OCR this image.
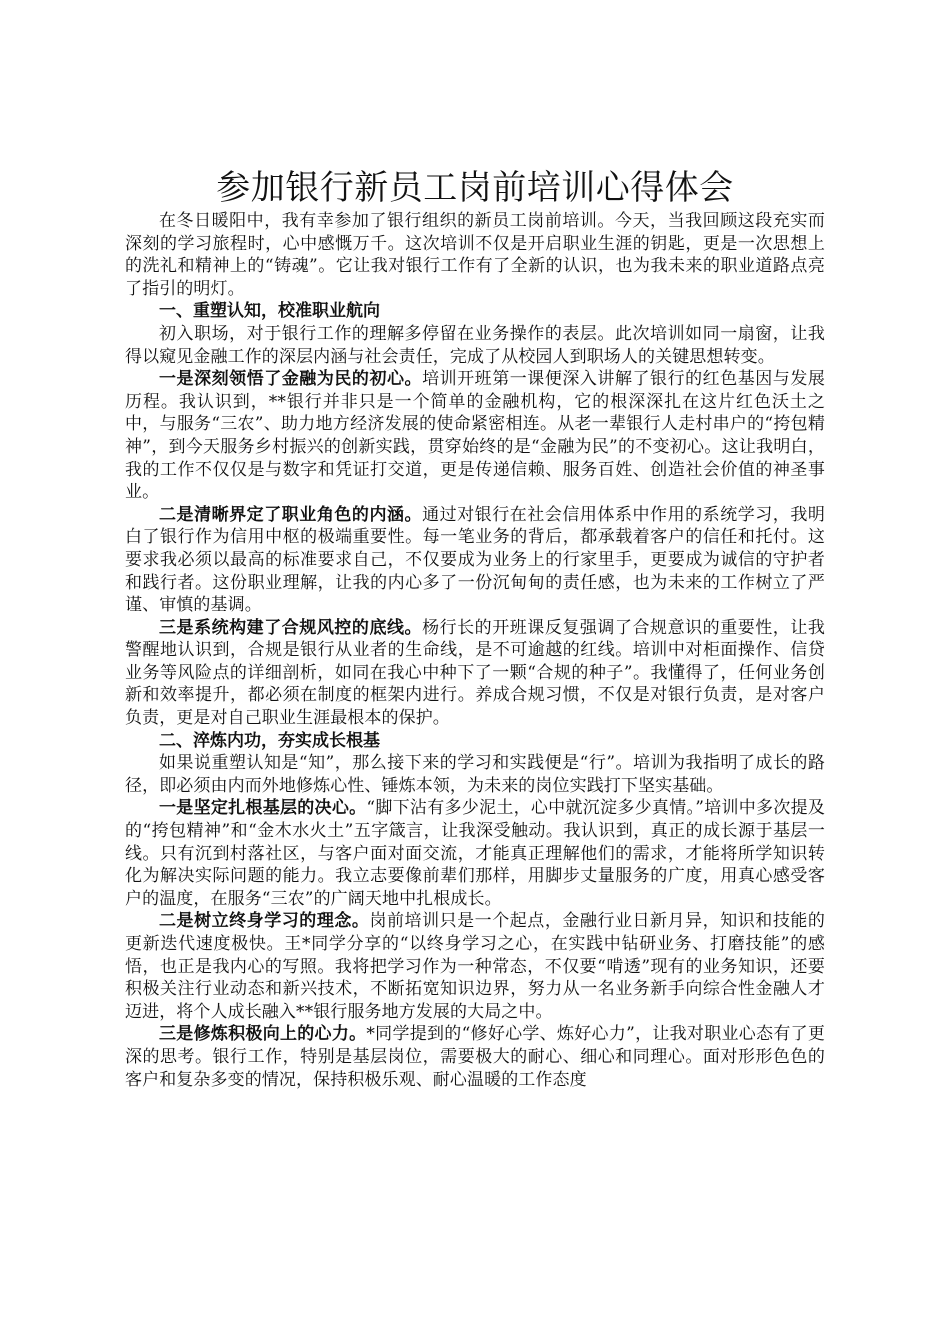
参加银行新员工岗前培训心得体会

在冬日暖阳中，我有幸参加了银行组织的新员工岗前培训。今天，当我回顾这段充实而深刻的学习旅程时，心中感慨万千。这次培训不仅是开启职业生涯的钥匙，更是一次思想上的洗礼和精神上的“铸魂”。它让我对银行工作有了全新的认识，也为我未来的职业道路点亮了指引的明灯。

一、重塑认知，校准职业航向

初入职场，对于银行工作的理解多停留在业务操作的表层。此次培训如同一扇窗，让我得以窥见金融工作的深层内涵与社会责任，完成了从校园人到职场人的关键思想转变。

一是深刻领悟了金融为民的初心。培训开班第一课便深入讲解了银行的红色基因与发展历程。我认识到，**银行并非只是一个简单的金融机构，它的根深深扎在这片红色沃土之中，与服务“三农”、助力地方经济发展的使命紧密相连。从老一辈银行人走村串户的“挎包精神”，到今天服务乡村振兴的创新实践，贯穿始终的是“金融为民”的不变初心。这让我明白，我的工作不仅仅是与数字和凭证打交道，更是传递信赖、服务百姓、创造社会价值的神圣事业。

二是清晰界定了职业角色的内涵。通过对银行在社会信用体系中作用的系统学习，我明白了银行作为信用中枢的极端重要性。每一笔业务的背后，都承载着客户的信任和托付。这要求我必须以最高的标准要求自己，不仅要成为业务上的行家里手，更要成为诚信的守护者和践行者。这份职业理解，让我的内心多了一份沉甸甸的责任感，也为未来的工作树立了严谨、审慎的基调。

三是系统构建了合规风控的底线。杨行长的开班课反复强调了合规意识的重要性，让我警醒地认识到，合规是银行从业者的生命线，是不可逾越的红线。培训中对柜面操作、信贷业务等风险点的详细剖析，如同在我心中种下了一颗“合规的种子”。我懂得了，任何业务创新和效率提升，都必须在制度的框架内进行。养成合规习惯，不仅是对银行负责，是对客户负责，更是对自己职业生涯最根本的保护。

二、淬炼内功，夯实成长根基

如果说重塑认知是“知”，那么接下来的学习和实践便是“行”。培训为我指明了成长的路径，即必须由内而外地修炼心性、锤炼本领，为未来的岗位实践打下坚实基础。

一是坚定扎根基层的决心。“脚下沾有多少泥土，心中就沉淀多少真情。”培训中多次提及的“挎包精神”和“金木水火土”五字箴言，让我深受触动。我认识到，真正的成长源于基层一线。只有沉到村落社区，与客户面对面交流，才能真正理解他们的需求，才能将所学知识转化为解决实际问题的能力。我立志要像前辈们那样，用脚步丈量服务的广度，用真心感受客户的温度，在服务“三农”的广阔天地中扎根成长。

二是树立终身学习的理念。岗前培训只是一个起点，金融行业日新月异，知识和技能的更新迭代速度极快。王*同学分享的“以终身学习之心，在实践中钻研业务、打磨技能”的感悟，也正是我内心的写照。我将把学习作为一种常态，不仅要“啃透”现有的业务知识，还要积极关注行业动态和新兴技术，不断拓宽知识边界，努力从一名业务新手向综合性金融人才迈进，将个人成长融入**银行服务地方发展的大局之中。

三是修炼积极向上的心力。*同学提到的“修好心学、炼好心力”，让我对职业心态有了更深的思考。银行工作，特别是基层岗位，需要极大的耐心、细心和同理心。面对形形色色的客户和复杂多变的情况，保持积极乐观、耐心温暖的工作态度
